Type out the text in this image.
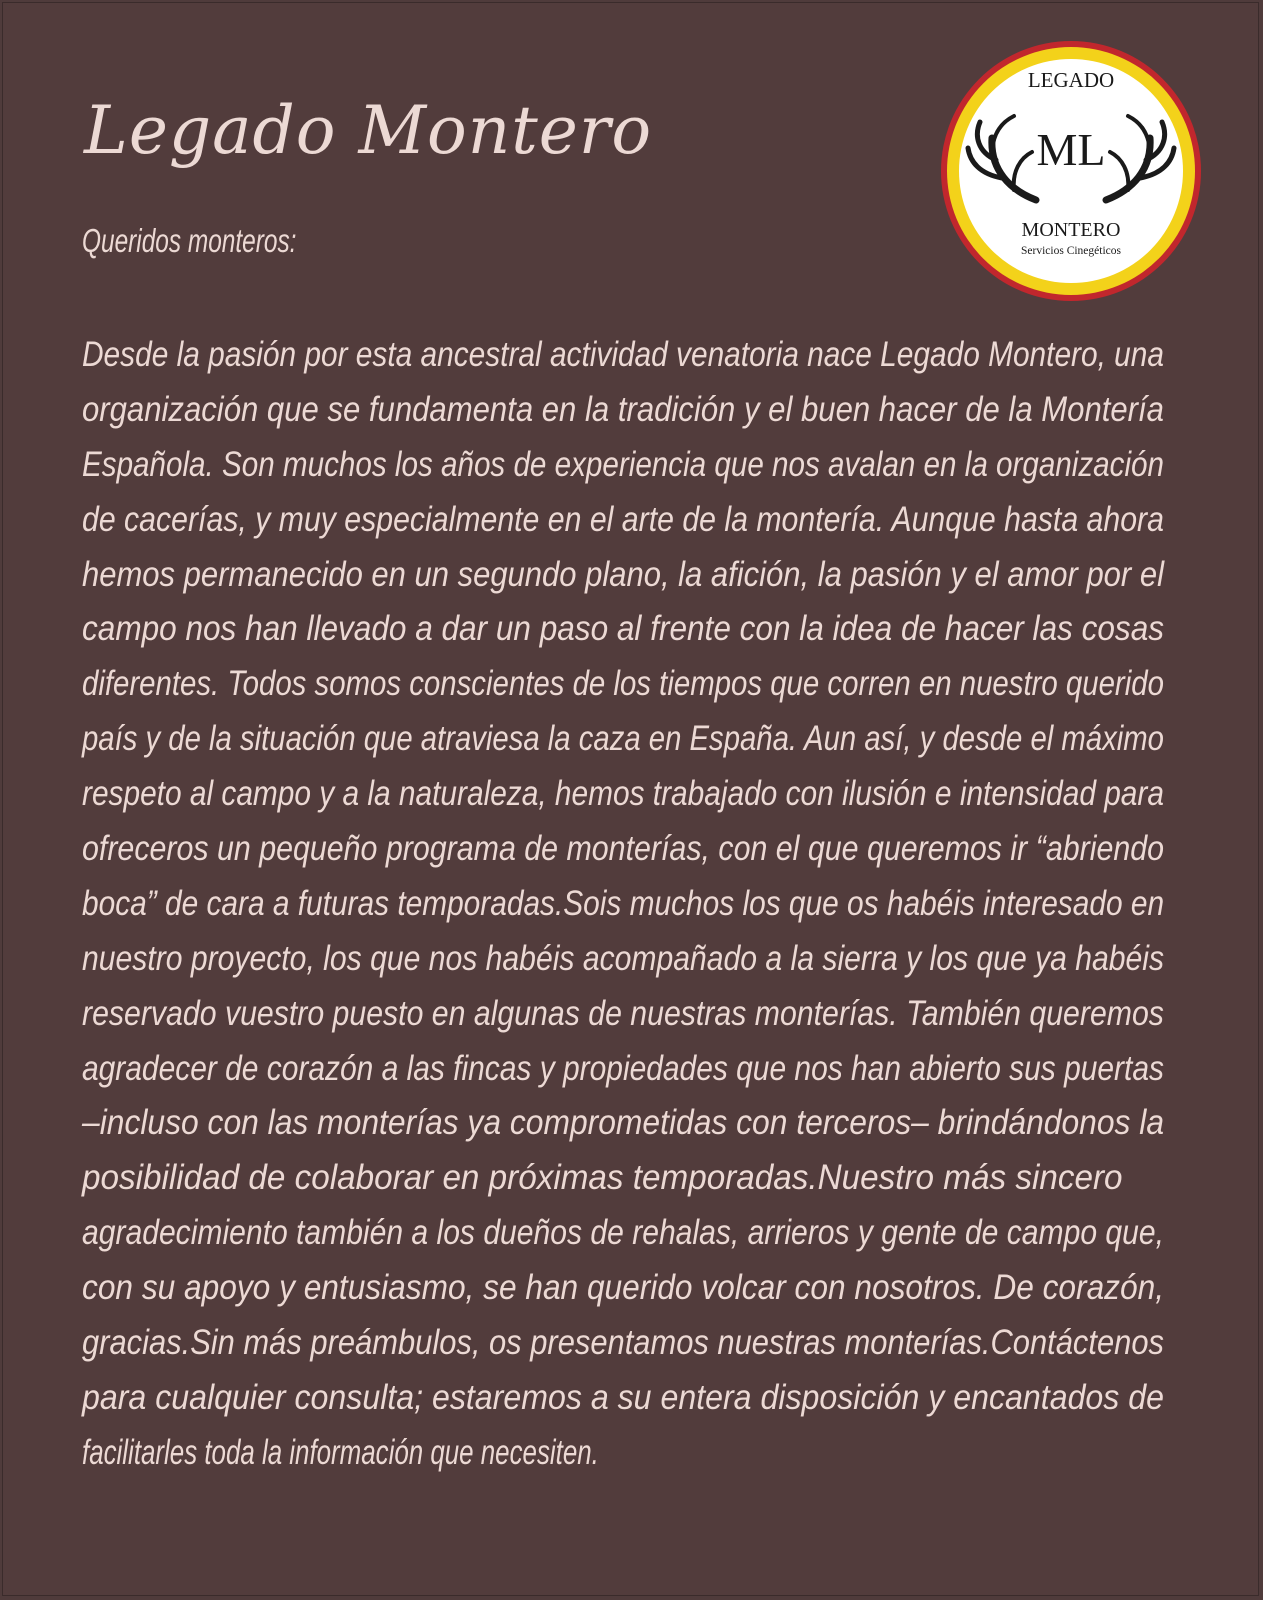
Legado Montero
Queridos monteros:
LEGADO
ML
MONTERO
Servicios Cinegéticos
Desde la pasión por esta ancestral actividad venatoria nace Legado Montero, una
organización que se fundamenta en la tradición y el buen hacer de la Montería
Española. Son muchos los años de experiencia que nos avalan en la organización
de cacerías, y muy especialmente en el arte de la montería. Aunque hasta ahora
hemos permanecido en un segundo plano, la afición, la pasión y el amor por el
campo nos han llevado a dar un paso al frente con la idea de hacer las cosas
diferentes. Todos somos conscientes de los tiempos que corren en nuestro querido
país y de la situación que atraviesa la caza en España. Aun así, y desde el máximo
respeto al campo y a la naturaleza, hemos trabajado con ilusión e intensidad para
ofreceros un pequeño programa de monterías, con el que queremos ir “abriendo
boca” de cara a futuras temporadas.Sois muchos los que os habéis interesado en
nuestro proyecto, los que nos habéis acompañado a la sierra y los que ya habéis
reservado vuestro puesto en algunas de nuestras monterías. También queremos
agradecer de corazón a las fincas y propiedades que nos han abierto sus puertas
–incluso con las monterías ya comprometidas con terceros– brindándonos la
posibilidad de colaborar en próximas temporadas.Nuestro más sincero
agradecimiento también a los dueños de rehalas, arrieros y gente de campo que,
con su apoyo y entusiasmo, se han querido volcar con nosotros. De corazón,
gracias.Sin más preámbulos, os presentamos nuestras monterías.Contáctenos
para cualquier consulta; estaremos a su entera disposición y encantados de
facilitarles toda la información que necesiten.
